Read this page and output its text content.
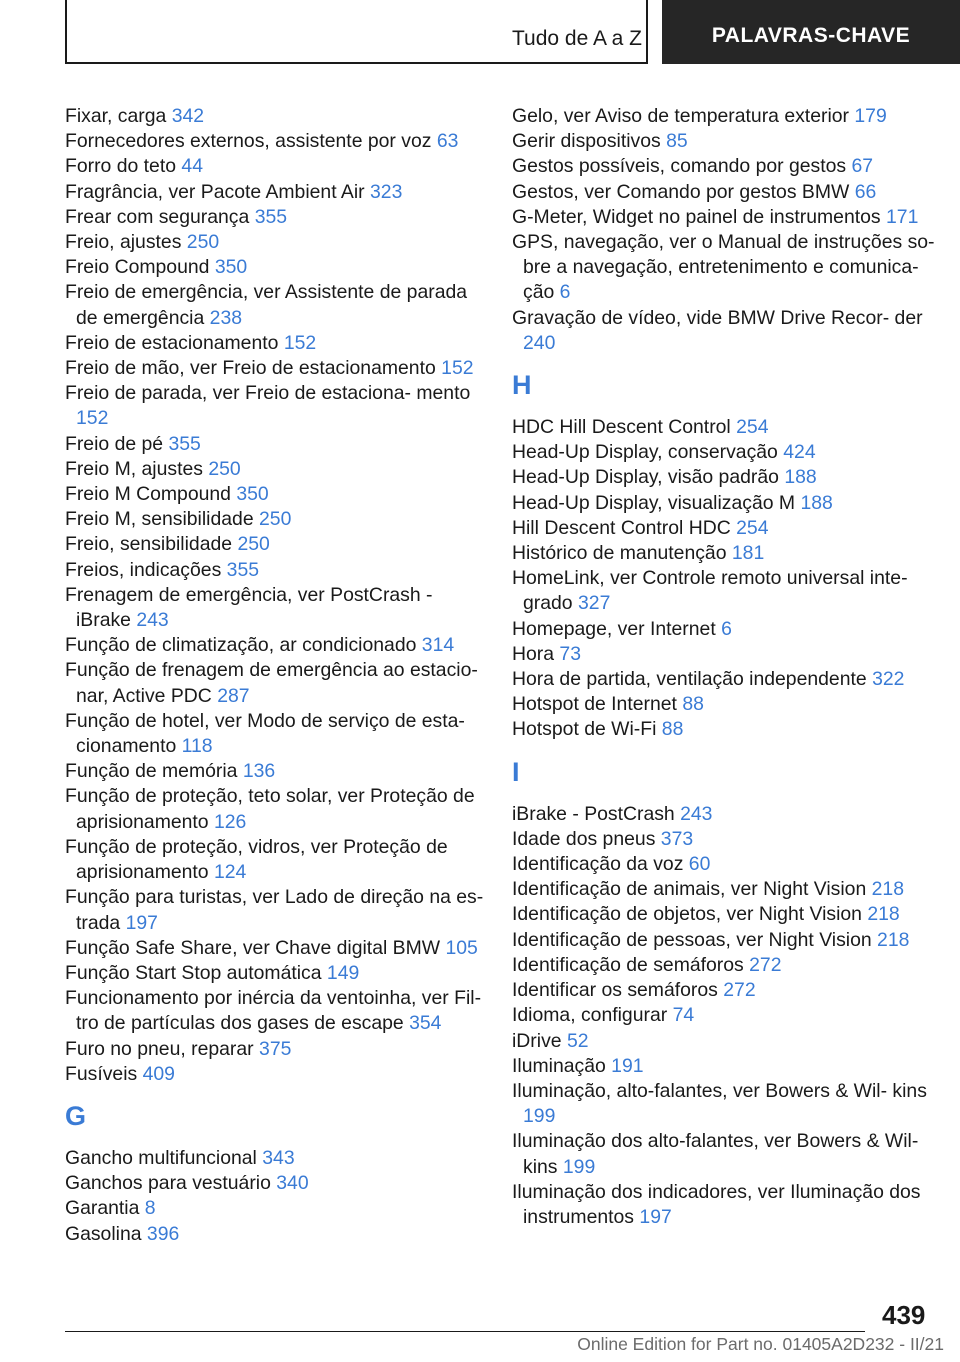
Tudo de A a Z	PALAVRAS-CHAVE
Fixar, carga 342
Fornecedores externos, assistente por voz 63
Forro do teto 44
Fragrância, ver Pacote Ambient Air 323
Frear com segurança 355
Freio, ajustes 250
Freio Compound 350
Freio de emergência, ver Assistente de parada de emergência 238
Freio de estacionamento 152
Freio de mão, ver Freio de estacionamento 152
Freio de parada, ver Freio de estaciona- mento 152
Freio de pé 355
Freio M, ajustes 250
Freio M Compound 350
Freio M, sensibilidade 250
Freio, sensibilidade 250
Freios, indicações 355
Frenagem de emergência, ver PostCrash - iBrake 243
Função de climatização, ar condicionado 314
Função de frenagem de emergência ao estacio- nar, Active PDC 287
Função de hotel, ver Modo de serviço de esta- cionamento 118
Função de memória 136
Função de proteção, teto solar, ver Proteção de aprisionamento 126
Função de proteção, vidros, ver Proteção de aprisionamento 124
Função para turistas, ver Lado de direção na es- trada 197
Função Safe Share, ver Chave digital BMW 105
Função Start Stop automática 149
Funcionamento por inércia da ventoinha, ver Fil- tro de partículas dos gases de escape 354
Furo no pneu, reparar 375
Fusíveis 409
G
Gancho multifuncional 343
Ganchos para vestuário 340
Garantia 8
Gasolina 396
Gelo, ver Aviso de temperatura exterior 179
Gerir dispositivos 85
Gestos possíveis, comando por gestos 67
Gestos, ver Comando por gestos BMW 66
G-Meter, Widget no painel de instrumentos 171
GPS, navegação, ver o Manual de instruções so- bre a navegação, entretenimento e comunica- ção 6
Gravação de vídeo, vide BMW Drive Recor- der 240
H
HDC Hill Descent Control 254
Head-Up Display, conservação 424
Head-Up Display, visão padrão 188
Head-Up Display, visualização M 188
Hill Descent Control HDC 254
Histórico de manutenção 181
HomeLink, ver Controle remoto universal inte- grado 327
Homepage, ver Internet 6
Hora 73
Hora de partida, ventilação independente 322
Hotspot de Internet 88
Hotspot de Wi-Fi 88
I
iBrake - PostCrash 243
Idade dos pneus 373
Identificação da voz 60
Identificação de animais, ver Night Vision 218
Identificação de objetos, ver Night Vision 218
Identificação de pessoas, ver Night Vision 218
Identificação de semáforos 272
Identificar os semáforos 272
Idioma, configurar 74
iDrive 52
Iluminação 191
Iluminação, alto-falantes, ver Bowers & Wil- kins 199
Iluminação dos alto-falantes, ver Bowers & Wil- kins 199
Iluminação dos indicadores, ver Iluminação dos instrumentos 197
439
Online Edition for Part no. 01405A2D232 - II/21
